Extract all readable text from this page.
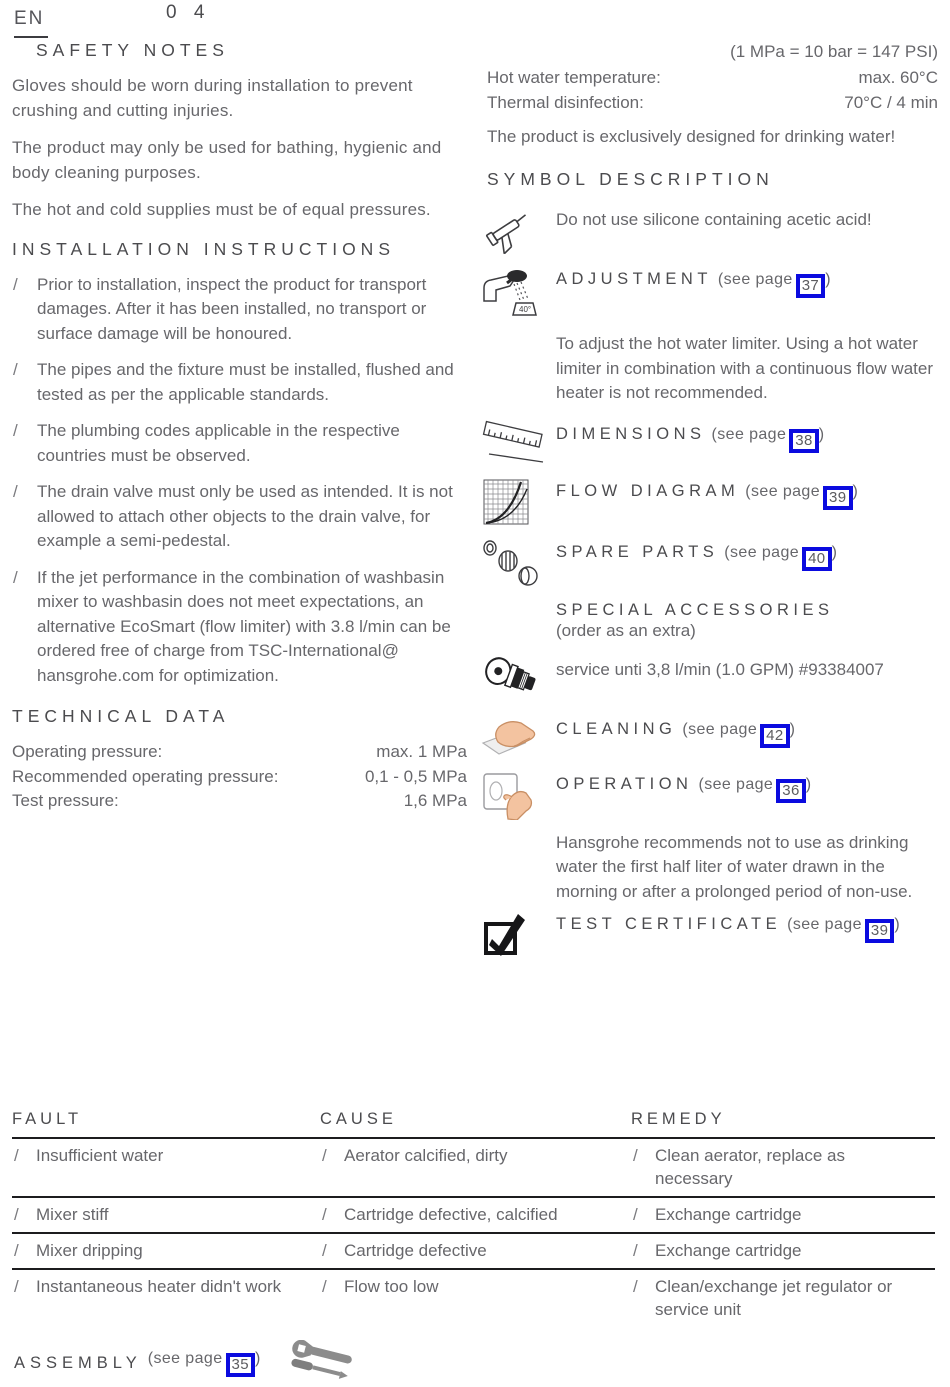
EN	0 4
SAFETY NOTES

Gloves should be worn during installation to prevent crushing and cutting injuries.

The product may only be used for bathing, hygienic and body cleaning purposes.

The hot and cold supplies must be of equal pressures.

INSTALLATION INSTRUCTIONS
/ Prior to installation, inspect the product for transport damages. After it has been installed, no transport or surface damage will be honoured.
/ The pipes and the fixture must be installed, flushed and tested as per the applicable standards.
/ The plumbing codes applicable in the respective countries must be observed.
/ The drain valve must only be used as intended. It is not allowed to attach other objects to the drain valve, for example a semi-pedestal.
/ If the jet performance in the combination of washbasin mixer to washbasin does not meet expectations, an alternative EcoSmart (flow limiter) with 3.8 l/min can be ordered free of charge from TSC-International@ hansgrohe.com for optimization.
TECHNICAL DATA
Operating pressure:	max. 1 MPa
Recommended operating pressure:	0,1 - 0,5 MPa
Test pressure:	1,6 MPa
(1 MPa = 10 bar = 147 PSI)
Hot water temperature:	max. 60°C
Thermal disinfection:	70°C / 4 min

The product is exclusively designed for drinking water!

SYMBOL DESCRIPTION
Do not use silicone containing acetic acid!
40°
ADJUSTMENT (see page 37 )

To adjust the hot water limiter. Using a hot water limiter in combination with a continuous flow water heater is not recommended.

DIMENSIONS (see page 38 )
FLOW DIAGRAM (see page 39 )
SPARE PARTS (see page 40 )
SPECIAL ACCESSORIES
(order as an extra)
service unti 3,8 l/min (1.0 GPM) #93384007
CLEANING (see page 42 )
OPERATION (see page 36 )

Hansgrohe recommends not to use as drinking water the first half liter of water drawn in the morning or after a prolonged period of non-use.

TEST CERTIFICATE (see page 39 )
FAULT	CAUSE	REMEDY
/ Insufficient water	/ Aerator calcified, dirty	/ Clean aerator, replace as necessary
/ Mixer stiff	/ Cartridge defective, calcified	/ Exchange cartridge
/ Mixer dripping	/ Cartridge defective	/ Exchange cartridge
/ Instantaneous heater didn't work	/ Flow too low	/ Clean/exchange jet regulator or service unit
ASSEMBLY (see page 35 )
